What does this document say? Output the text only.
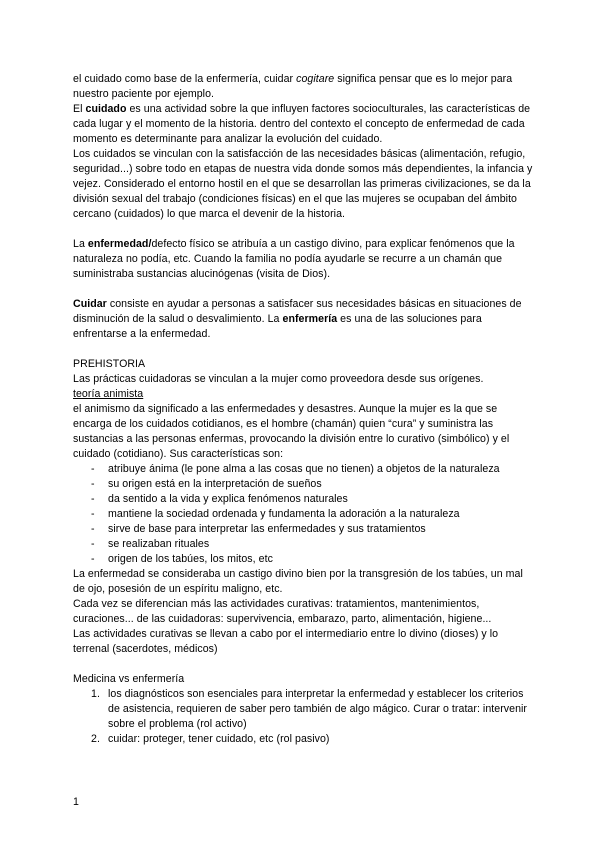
el cuidado como base de la enfermería, cuidar cogitare significa pensar que es lo mejor para nuestro paciente por ejemplo.

El cuidado es una actividad sobre la que influyen factores socioculturales, las características de cada lugar y el momento de la historia. dentro del contexto el concepto de enfermedad de cada momento es determinante para analizar la evolución del cuidado.

Los cuidados se vinculan con la satisfacción de las necesidades básicas (alimentación, refugio, seguridad...) sobre todo en etapas de nuestra vida donde somos más dependientes, la infancia y vejez. Considerado el entorno hostil en el que se desarrollan las primeras civilizaciones, se da la división sexual del trabajo (condiciones físicas) en el que las mujeres se ocupaban del ámbito cercano (cuidados) lo que marca el devenir de la historia.

La enfermedad/defecto físico se atribuía a un castigo divino, para explicar fenómenos que la naturaleza no podía, etc. Cuando la familia no podía ayudarle se recurre a un chamán que suministraba sustancias alucinógenas (visita de Dios).

Cuidar consiste en ayudar a personas a satisfacer sus necesidades básicas en situaciones de disminución de la salud o desvalimiento. La enfermería es una de las soluciones para enfrentarse a la enfermedad.

PREHISTORIA

Las prácticas cuidadoras se vinculan a la mujer como proveedora desde sus orígenes.

teoría animista

el animismo da significado a las enfermedades y desastres. Aunque la mujer es la que se encarga de los cuidados cotidianos, es el hombre (chamán) quien “cura” y suministra las sustancias a las personas enfermas, provocando la división entre lo curativo (simbólico) y el cuidado (cotidiano). Sus características son:

- atribuye ánima (le pone alma a las cosas que no tienen) a objetos de la naturaleza
- su origen está en la interpretación de sueños
- da sentido a la vida y explica fenómenos naturales
- mantiene la sociedad ordenada y fundamenta la adoración a la naturaleza
- sirve de base para interpretar las enfermedades y sus tratamientos
- se realizaban rituales
- origen de los tabúes, los mitos, etc

La enfermedad se consideraba un castigo divino bien por la transgresión de los tabúes, un mal de ojo, posesión de un espíritu maligno, etc.

Cada vez se diferencian más las actividades curativas: tratamientos, mantenimientos, curaciones... de las cuidadoras: supervivencia, embarazo, parto, alimentación, higiene...

Las actividades curativas se llevan a cabo por el intermediario entre lo divino (dioses) y lo terrenal (sacerdotes, médicos)

Medicina vs enfermería

1. los diagnósticos son esenciales para interpretar la enfermedad y establecer los criterios de asistencia, requieren de saber pero también de algo mágico. Curar o tratar: intervenir sobre el problema (rol activo)
2. cuidar: proteger, tener cuidado, etc (rol pasivo)
1
